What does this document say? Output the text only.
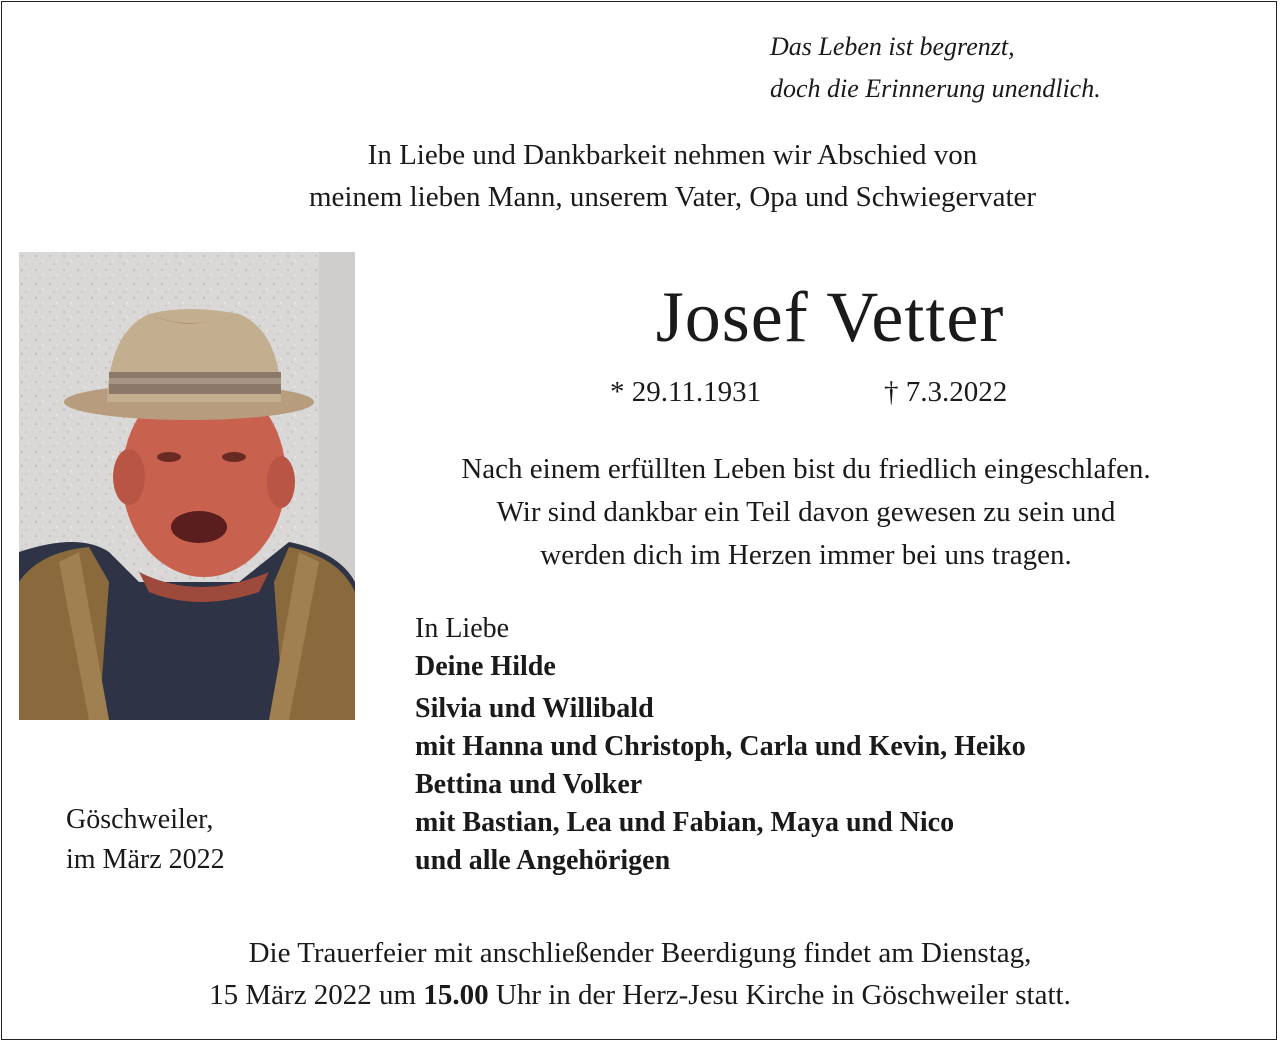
Das Leben ist begrenzt,
doch die Erinnerung unendlich.
In Liebe und Dankbarkeit nehmen wir Abschied von
meinem lieben Mann, unserem Vater, Opa und Schwiegervater
Josef Vetter
* 29.11.1931	† 7.3.2022
Nach einem erfüllten Leben bist du friedlich eingeschlafen.
Wir sind dankbar ein Teil davon gewesen zu sein und
werden dich im Herzen immer bei uns tragen.
In Liebe
Deine Hilde
Silvia und Willibald
mit Hanna und Christoph, Carla und Kevin, Heiko
Bettina und Volker
mit Bastian, Lea und Fabian, Maya und Nico
und alle Angehörigen
Göschweiler,
im März 2022
Die Trauerfeier mit anschließender Beerdigung findet am Dienstag,
15 März 2022 um 15.00 Uhr in der Herz-Jesu Kirche in Göschweiler statt.
